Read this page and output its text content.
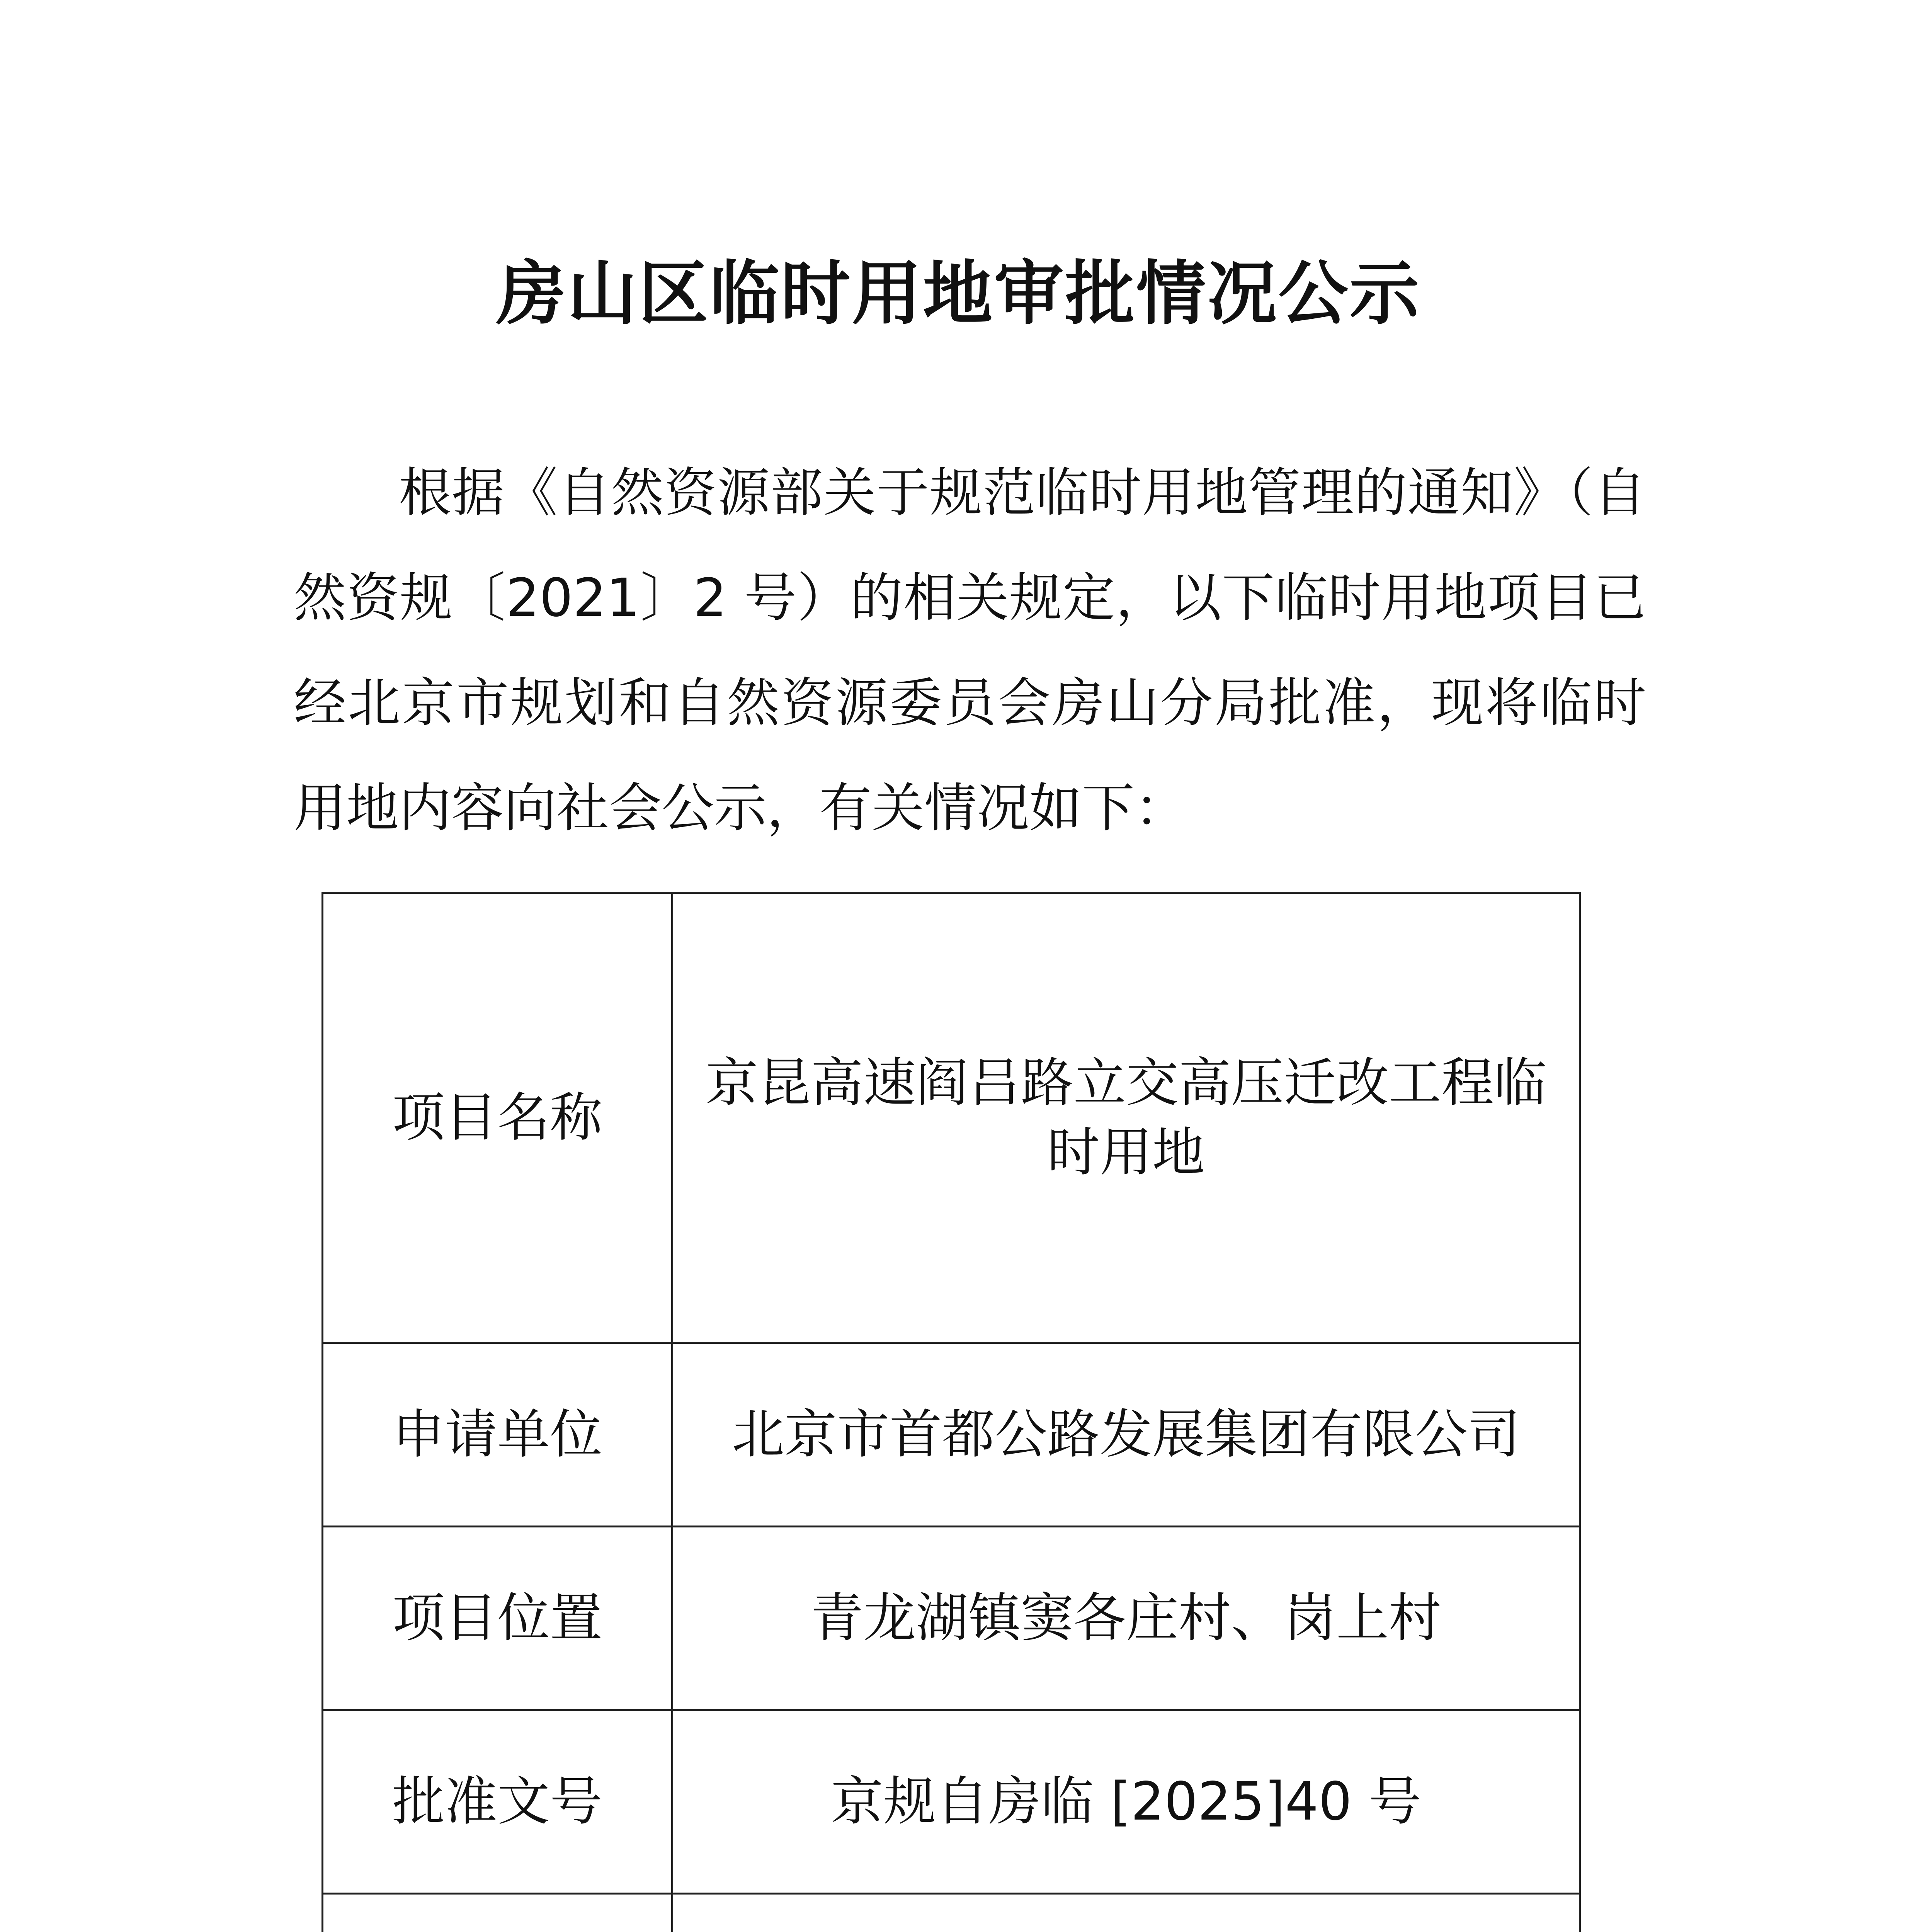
房山区临时用地审批情况公示

根据《自然资源部关于规范临时用地管理的通知》（自然资规〔2021〕2 号）的相关规定，以下临时用地项目已经北京市规划和自然资源委员会房山分局批准，现将临时用地内容向社会公示，有关情况如下：

项目名称	京昆高速阎吕路立交高压迁改工程临时用地
申请单位	北京市首都公路发展集团有限公司
项目位置	青龙湖镇窦各庄村、岗上村
批准文号	京规自房临 [2025]40 号
